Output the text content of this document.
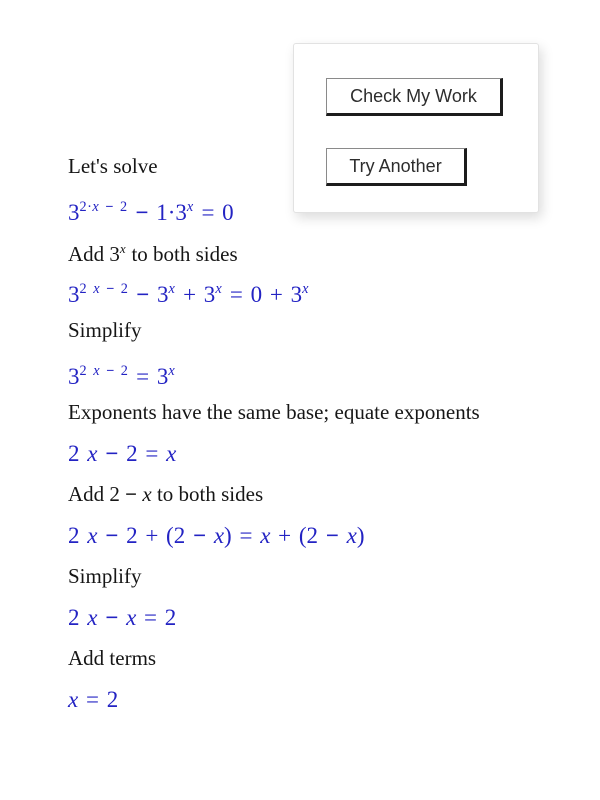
Let's solve
$3^{2\cdot x}$ $^{- 2} - 1\cdot 3^x = 0$
Add 3$^x$ to both sides
$3^2$ $^x$ $^{- 2} - 3^x + 3^x = 0 + 3^x$
Simplify
$3^2$ $^x$ $^{- 2} = 3^x$
Exponents have the same base; equate exponents
2 x − 2 = x
Add 2 − x to both sides
2 x − 2 + (2 − x) = x + (2 − x)
Simplify
2 x − x = 2
Add terms
x = 2
Check My Work
Try Another
